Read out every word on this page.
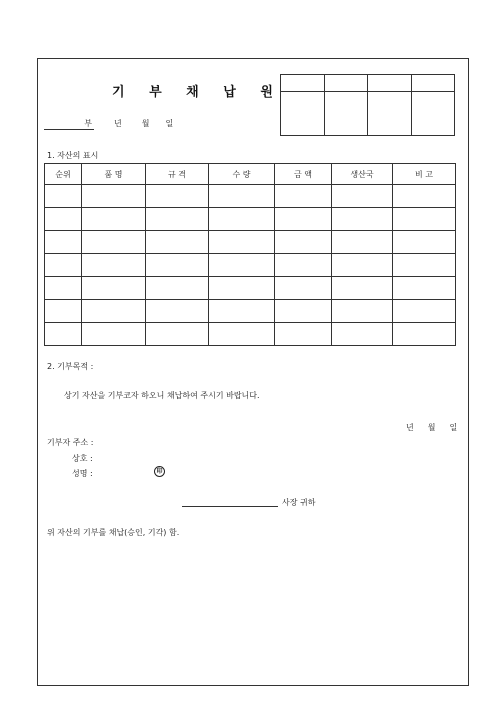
기 부 채 납 원

부	년	월 일
1. 자산의 표시
순위	품 명	규 격	수 량	금 액	생산국	비 고

2. 기부목적 :
상기 자산을 기부코자 하오니 채납하여 주시기 바랍니다.
년 월 일
기부자 주소 :
상호 :
성명 :	印
사장 귀하
위 자산의 기부를 채납(승인, 기각) 함.
